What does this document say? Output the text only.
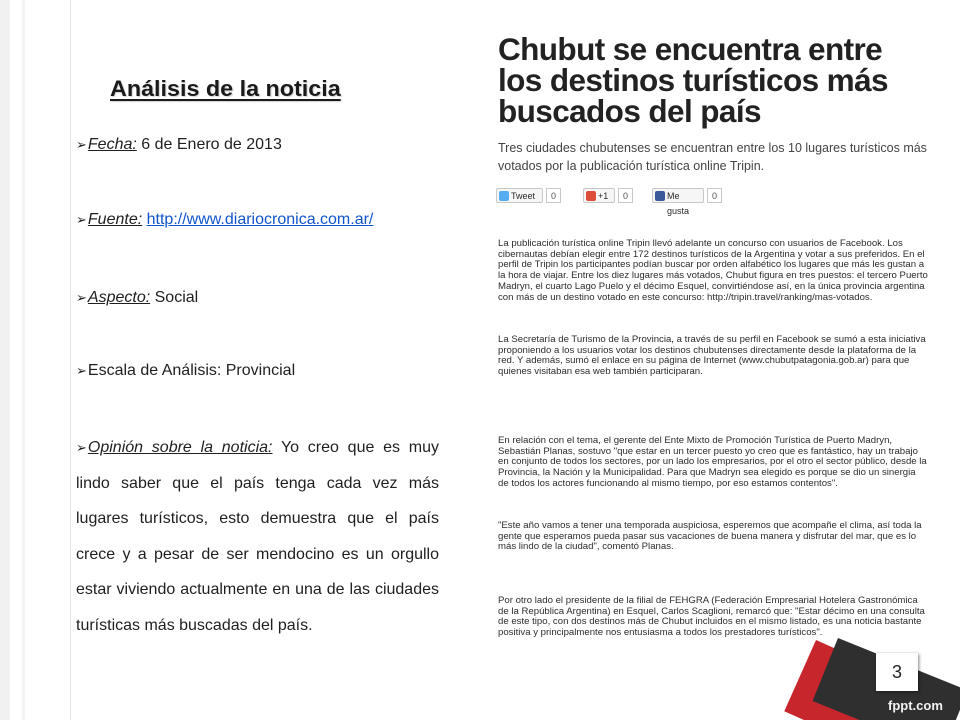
Análisis de la noticia
➢Fecha: 6 de Enero de 2013
➢Fuente: http://www.diariocronica.com.ar/
➢Aspecto: Social
➢Escala de Análisis: Provincial
➢Opinión sobre la noticia: Yo creo que es muy lindo saber que el país tenga cada vez más lugares turísticos, esto demuestra que el país crece y a pesar de ser mendocino es un orgullo estar viviendo actualmente en una de las ciudades turísticas más buscadas del país.
Chubut se encuentra entre los destinos turísticos más buscados del país
Tres ciudades chubutenses se encuentran entre los 10 lugares turísticos más votados por la publicación turística online Tripin.
Tweet	0	+1	0	Me gusta
0
La publicación turística online Tripin llevó adelante un concurso con usuarios de Facebook. Los cibernautas debían elegir entre 172 destinos turísticos de la Argentina y votar a sus preferidos. En el perfil de Tripin los participantes podían buscar por orden alfabético los lugares que más les gustan a la hora de viajar. Entre los diez lugares más votados, Chubut figura en tres puestos: el tercero Puerto Madryn, el cuarto Lago Puelo y el décimo Esquel, convirtiéndose así, en la única provincia argentina con más de un destino votado en este concurso: http://tripin.travel/ranking/mas-votados.
La Secretaría de Turismo de la Provincia, a través de su perfil en Facebook se sumó a esta iniciativa proponiendo a los usuarios votar los destinos chubutenses directamente desde la plataforma de la red. Y además, sumó el enlace en su página de Internet (www.chubutpatagonia.gob.ar) para que quienes visitaban esa web también participaran.
En relación con el tema, el gerente del Ente Mixto de Promoción Turística de Puerto Madryn, Sebastián Planas, sostuvo "que estar en un tercer puesto yo creo que es fantástico, hay un trabajo en conjunto de todos los sectores, por un lado los empresarios, por el otro el sector público, desde la Provincia, la Nación y la Municipalidad. Para que Madryn sea elegido es porque se dio un sinergia de todos los actores funcionando al mismo tiempo, por eso estamos contentos".
"Este año vamos a tener una temporada auspiciosa, esperemos que acompañe el clima, así toda la gente que esperamos pueda pasar sus vacaciones de buena manera y disfrutar del mar, que es lo más lindo de la ciudad", comentó Planas.
Por otro lado el presidente de la filial de FEHGRA (Federación Empresarial Hotelera Gastronómica de la República Argentina) en Esquel, Carlos Scaglioni, remarcó que: "Estar décimo en una consulta de este tipo, con dos destinos más de Chubut incluidos en el mismo listado, es una noticia bastante positiva y principalmente nos entusiasma a todos los prestadores turísticos".
3
fppt.com
